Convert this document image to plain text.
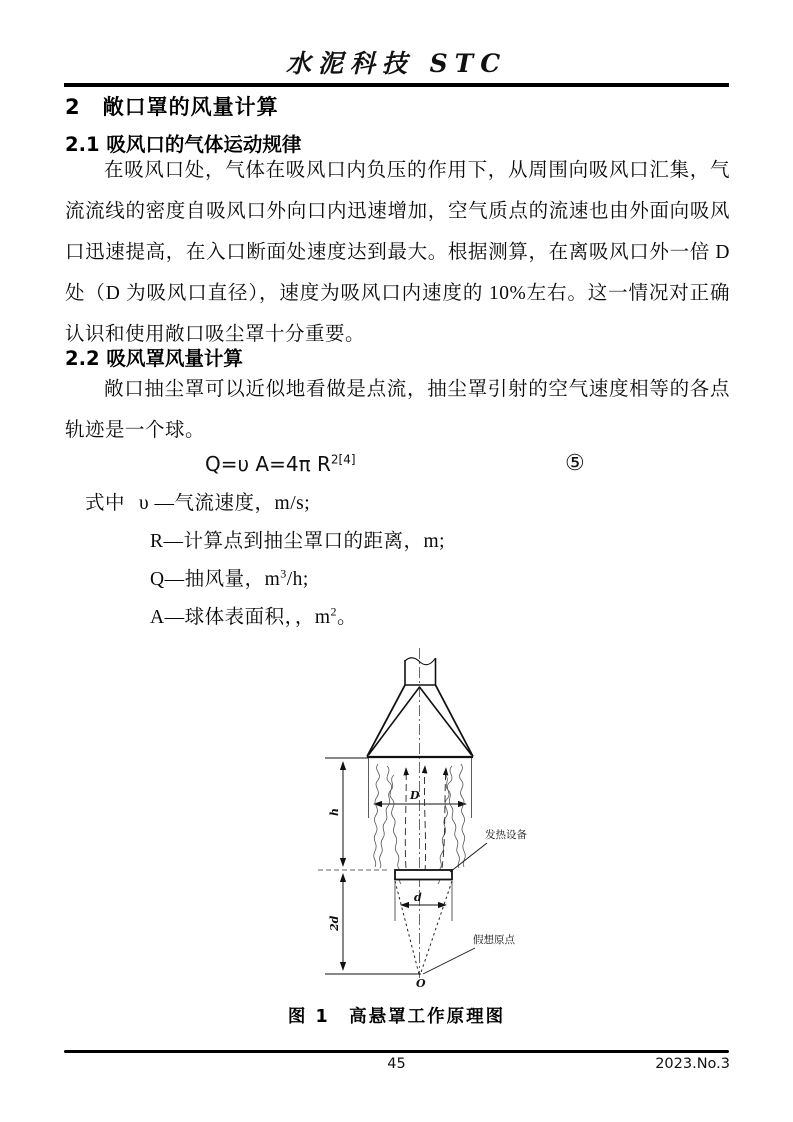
水泥科技 STC
2　敞口罩的风量计算
2.1 吸风口的气体运动规律
在吸风口处，气体在吸风口内负压的作用下，从周围向吸风口汇集，气流流线的密度自吸风口外向口内迅速增加，空气质点的流速也由外面向吸风口迅速提高，在入口断面处速度达到最大。根据测算，在离吸风口外一倍 D 处（D 为吸风口直径），速度为吸风口内速度的 10%左右。这一情况对正确认识和使用敞口吸尘罩十分重要。
2.2 吸风罩风量计算
敞口抽尘罩可以近似地看做是点流，抽尘罩引射的空气速度相等的各点轨迹是一个球。
Q=υ A=4π $R^{2[4]}$	⑤
式中 υ —气流速度，m/s;
R—计算点到抽尘罩口的距离，m;
Q—抽风量，$m^3/h$;
A—球体表面积，，$m^2$。
D
d
O
h
2d
发热设备
假想原点
图 1　高悬罩工作原理图
45	2023.No.3
